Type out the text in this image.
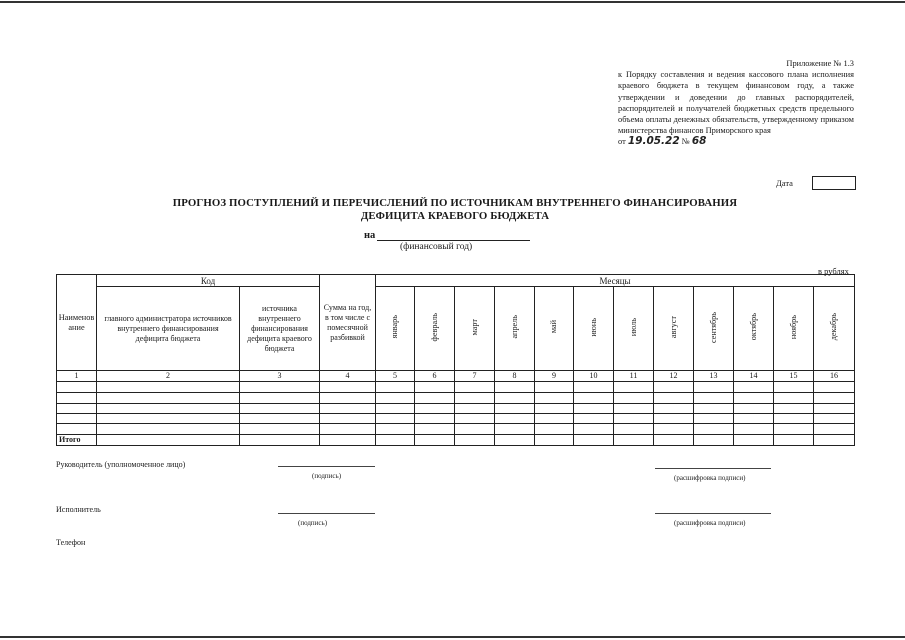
Приложение № 1.3
к Порядку составления и ведения кассового плана исполнения краевого бюджета в текущем финансовом году, а также утверждении и доведении до главных распорядителей, распорядителей и получателей бюджетных средств предельного объема оплаты денежных обязательств, утвержденному приказом министерства финансов Приморского края
от 19.05.22 № 68
Дата
ПРОГНОЗ ПОСТУПЛЕНИЙ И ПЕРЕЧИСЛЕНИЙ ПО ИСТОЧНИКАМ ВНУТРЕННЕГО ФИНАНСИРОВАНИЯ ДЕФИЦИТА КРАЕВОГО БЮДЖЕТА
на
(финансовый год)
в рублях
Наименование	Код		Сумма на год, в том числе с помесячной разбивкой	Месяцы											
	главного администратора источников внутреннего финансирования дефицита бюджета	источника внутреннего финансирования дефицита краевого бюджета		январь	февраль	март	апрель	май	июнь	июль	август	сентябрь	октябрь	ноябрь	декабрь
1	2	3	4	5	6	7	8	9	10	11	12	13	14	15	16

Итого															
Руководитель (уполномоченное лицо)
(подпись)	(расшифровка подписи)
Исполнитель
(подпись)	(расшифровка подписи)
Телефон
